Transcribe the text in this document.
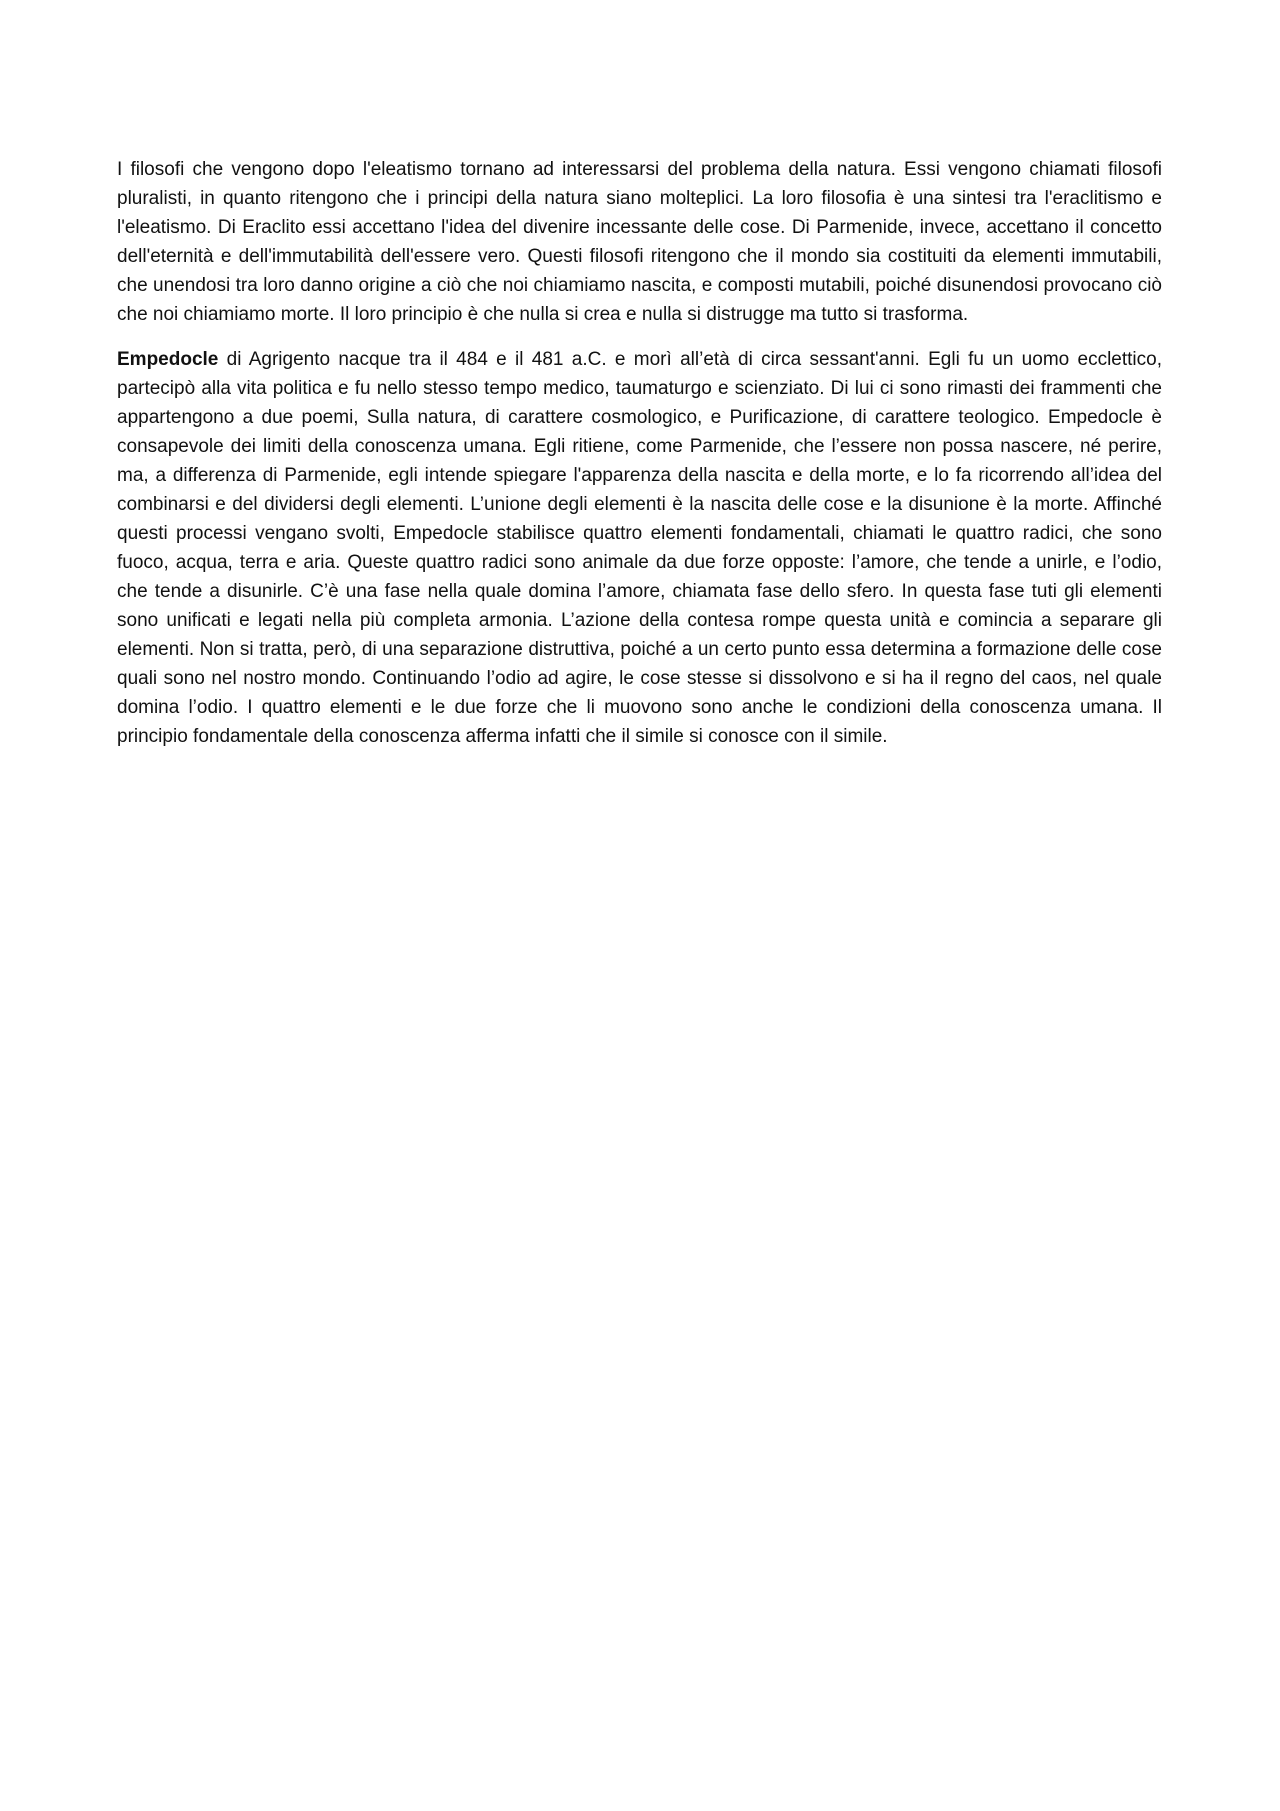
I filosofi che vengono dopo l'eleatismo tornano ad interessarsi del problema della natura. Essi vengono chiamati filosofi pluralisti, in quanto ritengono che i principi della natura siano molteplici. La loro filosofia è una sintesi tra l'eraclitismo e l'eleatismo. Di Eraclito essi accettano l'idea del divenire incessante delle cose. Di Parmenide, invece, accettano il concetto dell'eternità e dell'immutabilità dell'essere vero. Questi filosofi ritengono che il mondo sia costituiti da elementi immutabili, che unendosi tra loro danno origine a ciò che noi chiamiamo nascita, e composti mutabili, poiché disunendosi provocano ciò che noi chiamiamo morte. Il loro principio è che nulla si crea e nulla si distrugge ma tutto si trasforma.

Empedocle di Agrigento nacque tra il 484 e il 481 a.C. e morì all’età di circa sessant'anni. Egli fu un uomo ecclettico, partecipò alla vita politica e fu nello stesso tempo medico, taumaturgo e scienziato. Di lui ci sono rimasti dei frammenti che appartengono a due poemi, Sulla natura, di carattere cosmologico, e Purificazione, di carattere teologico. Empedocle è consapevole dei limiti della conoscenza umana. Egli ritiene, come Parmenide, che l’essere non possa nascere, né perire, ma, a differenza di Parmenide, egli intende spiegare l'apparenza della nascita e della morte, e lo fa ricorrendo all’idea del combinarsi e del dividersi degli elementi. L’unione degli elementi è la nascita delle cose e la disunione è la morte. Affinché questi processi vengano svolti, Empedocle stabilisce quattro elementi fondamentali, chiamati le quattro radici, che sono fuoco, acqua, terra e aria. Queste quattro radici sono animale da due forze opposte: l’amore, che tende a unirle, e l’odio, che tende a disunirle. C’è una fase nella quale domina l’amore, chiamata fase dello sfero. In questa fase tuti gli elementi sono unificati e legati nella più completa armonia. L’azione della contesa rompe questa unità e comincia a separare gli elementi. Non si tratta, però, di una separazione distruttiva, poiché a un certo punto essa determina a formazione delle cose quali sono nel nostro mondo. Continuando l’odio ad agire, le cose stesse si dissolvono e si ha il regno del caos, nel quale domina l’odio. I quattro elementi e le due forze che li muovono sono anche le condizioni della conoscenza umana. Il principio fondamentale della conoscenza afferma infatti che il simile si conosce con il simile.
